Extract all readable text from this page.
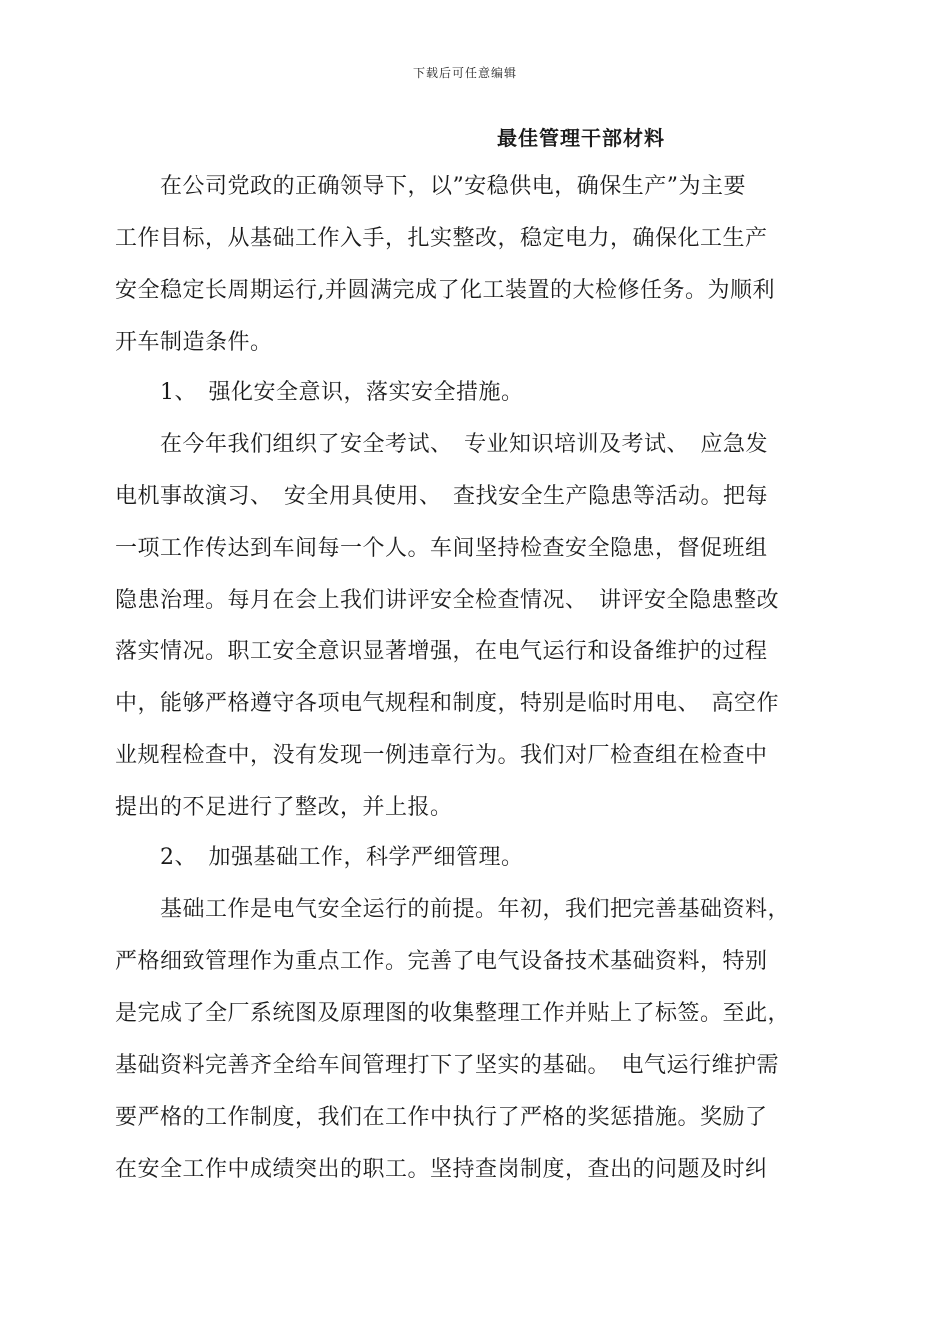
下载后可任意编辑
最佳管理干部材料
　　在公司党政的正确领导下，以”安稳供电，确保生产”为主要
工作目标，从基础工作入手，扎实整改，稳定电力，确保化工生产
安全稳定长周期运行,并圆满完成了化工装置的大检修任务。为顺利
开车制造条件。
　　1、　强化安全意识，落实安全措施。
　　在今年我们组织了安全考试、　专业知识培训及考试、　应急发
电机事故演习、　安全用具使用、　查找安全生产隐患等活动。把每
一项工作传达到车间每一个人。车间坚持检查安全隐患，督促班组
隐患治理。每月在会上我们讲评安全检查情况、　讲评安全隐患整改
落实情况。职工安全意识显著增强，在电气运行和设备维护的过程
中，能够严格遵守各项电气规程和制度，特别是临时用电、　高空作
业规程检查中，没有发现一例违章行为。我们对厂检查组在检查中
提出的不足进行了整改，并上报。
　　2、　加强基础工作，科学严细管理。
　　基础工作是电气安全运行的前提。年初，我们把完善基础资料，
严格细致管理作为重点工作。完善了电气设备技术基础资料，特别
是完成了全厂系统图及原理图的收集整理工作并贴上了标签。至此，
基础资料完善齐全给车间管理打下了坚实的基础。　电气运行维护需
要严格的工作制度，我们在工作中执行了严格的奖惩措施。奖励了
在安全工作中成绩突出的职工。坚持查岗制度，查出的问题及时纠
